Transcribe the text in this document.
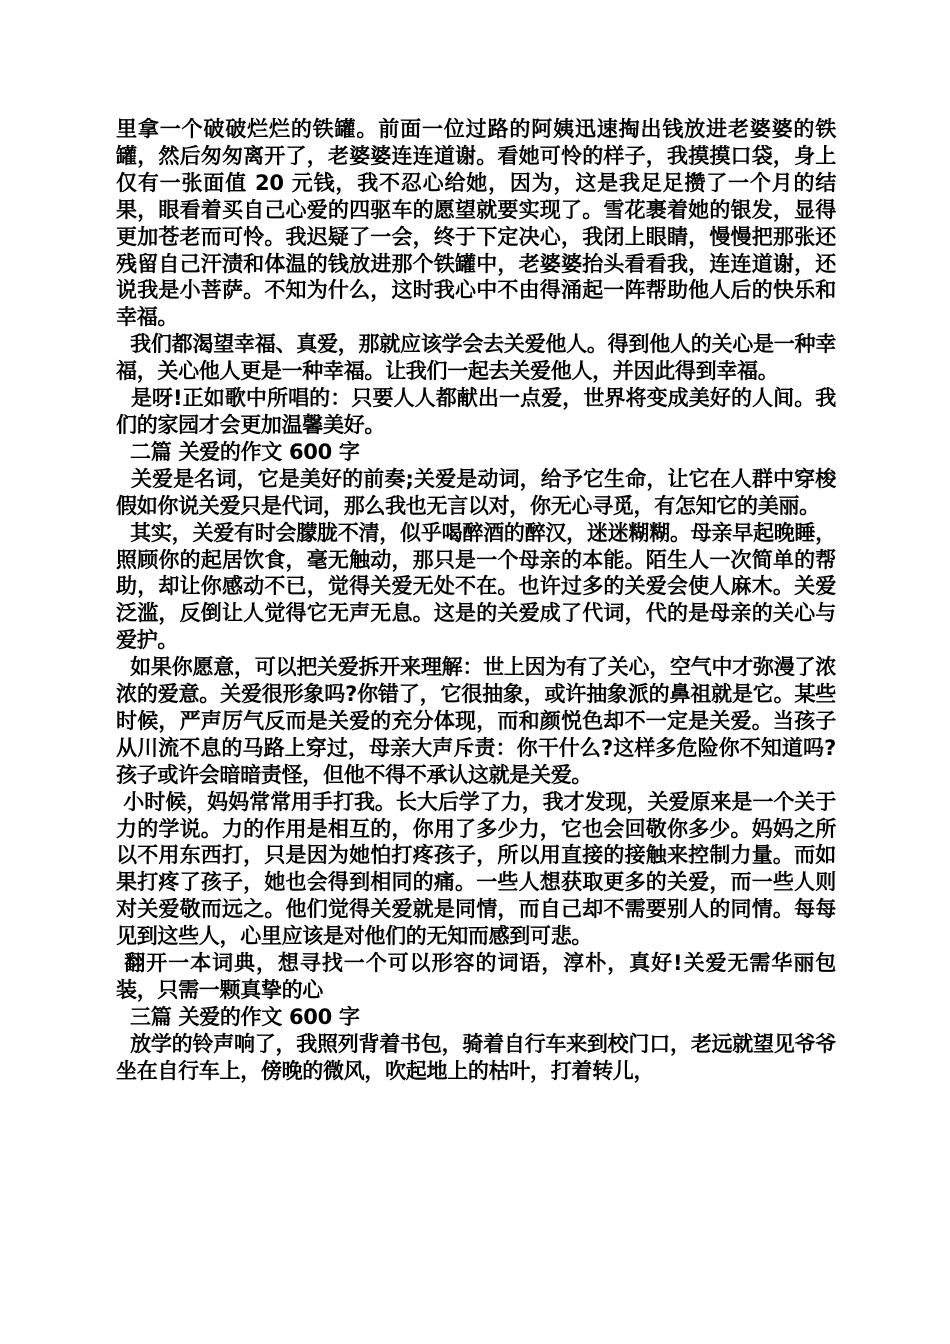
里拿一个破破烂烂的铁罐。前面一位过路的阿姨迅速掏出钱放进老婆婆的铁罐，然后匆匆离开了，老婆婆连连道谢。看她可怜的样子，我摸摸口袋，身上仅有一张面值 20 元钱，我不忍心给她，因为，这是我足足攒了一个月的结果，眼看着买自己心爱的四驱车的愿望就要实现了。雪花裹着她的银发，显得更加苍老而可怜。我迟疑了一会，终于下定决心，我闭上眼睛，慢慢把那张还残留自己汗渍和体温的钱放进那个铁罐中，老婆婆抬头看看我，连连道谢，还说我是小菩萨。不知为什么，这时我心中不由得涌起一阵帮助他人后的快乐和幸福。

我们都渴望幸福、真爱，那就应该学会去关爱他人。得到他人的关心是一种幸福，关心他人更是一种幸福。让我们一起去关爱他人，并因此得到幸福。

是呀!正如歌中所唱的：只要人人都献出一点爱，世界将变成美好的人间。我们的家园才会更加温馨美好。

二篇 关爱的作文 600 字

关爱是名词，它是美好的前奏;关爱是动词，给予它生命，让它在人群中穿梭假如你说关爱只是代词，那么我也无言以对，你无心寻觅，有怎知它的美丽。

其实，关爱有时会朦胧不清，似乎喝醉酒的醉汉，迷迷糊糊。母亲早起晚睡，照顾你的起居饮食，毫无触动，那只是一个母亲的本能。陌生人一次简单的帮助，却让你感动不已，觉得关爱无处不在。也许过多的关爱会使人麻木。关爱泛滥，反倒让人觉得它无声无息。这是的关爱成了代词，代的是母亲的关心与爱护。

如果你愿意，可以把关爱拆开来理解：世上因为有了关心，空气中才弥漫了浓浓的爱意。关爱很形象吗?你错了，它很抽象，或许抽象派的鼻祖就是它。某些时候，严声厉气反而是关爱的充分体现，而和颜悦色却不一定是关爱。当孩子从川流不息的马路上穿过，母亲大声斥责：你干什么?这样多危险你不知道吗?孩子或许会暗暗责怪，但他不得不承认这就是关爱。

小时候，妈妈常常用手打我。长大后学了力，我才发现，关爱原来是一个关于力的学说。力的作用是相互的，你用了多少力，它也会回敬你多少。妈妈之所以不用东西打，只是因为她怕打疼孩子，所以用直接的接触来控制力量。而如果打疼了孩子，她也会得到相同的痛。一些人想获取更多的关爱，而一些人则对关爱敬而远之。他们觉得关爱就是同情，而自己却不需要别人的同情。每每见到这些人，心里应该是对他们的无知而感到可悲。

翻开一本词典，想寻找一个可以形容的词语，淳朴，真好!关爱无需华丽包装，只需一颗真挚的心

三篇 关爱的作文 600 字

放学的铃声响了，我照列背着书包，骑着自行车来到校门口，老远就望见爷爷坐在自行车上，傍晚的微风，吹起地上的枯叶，打着转儿，
